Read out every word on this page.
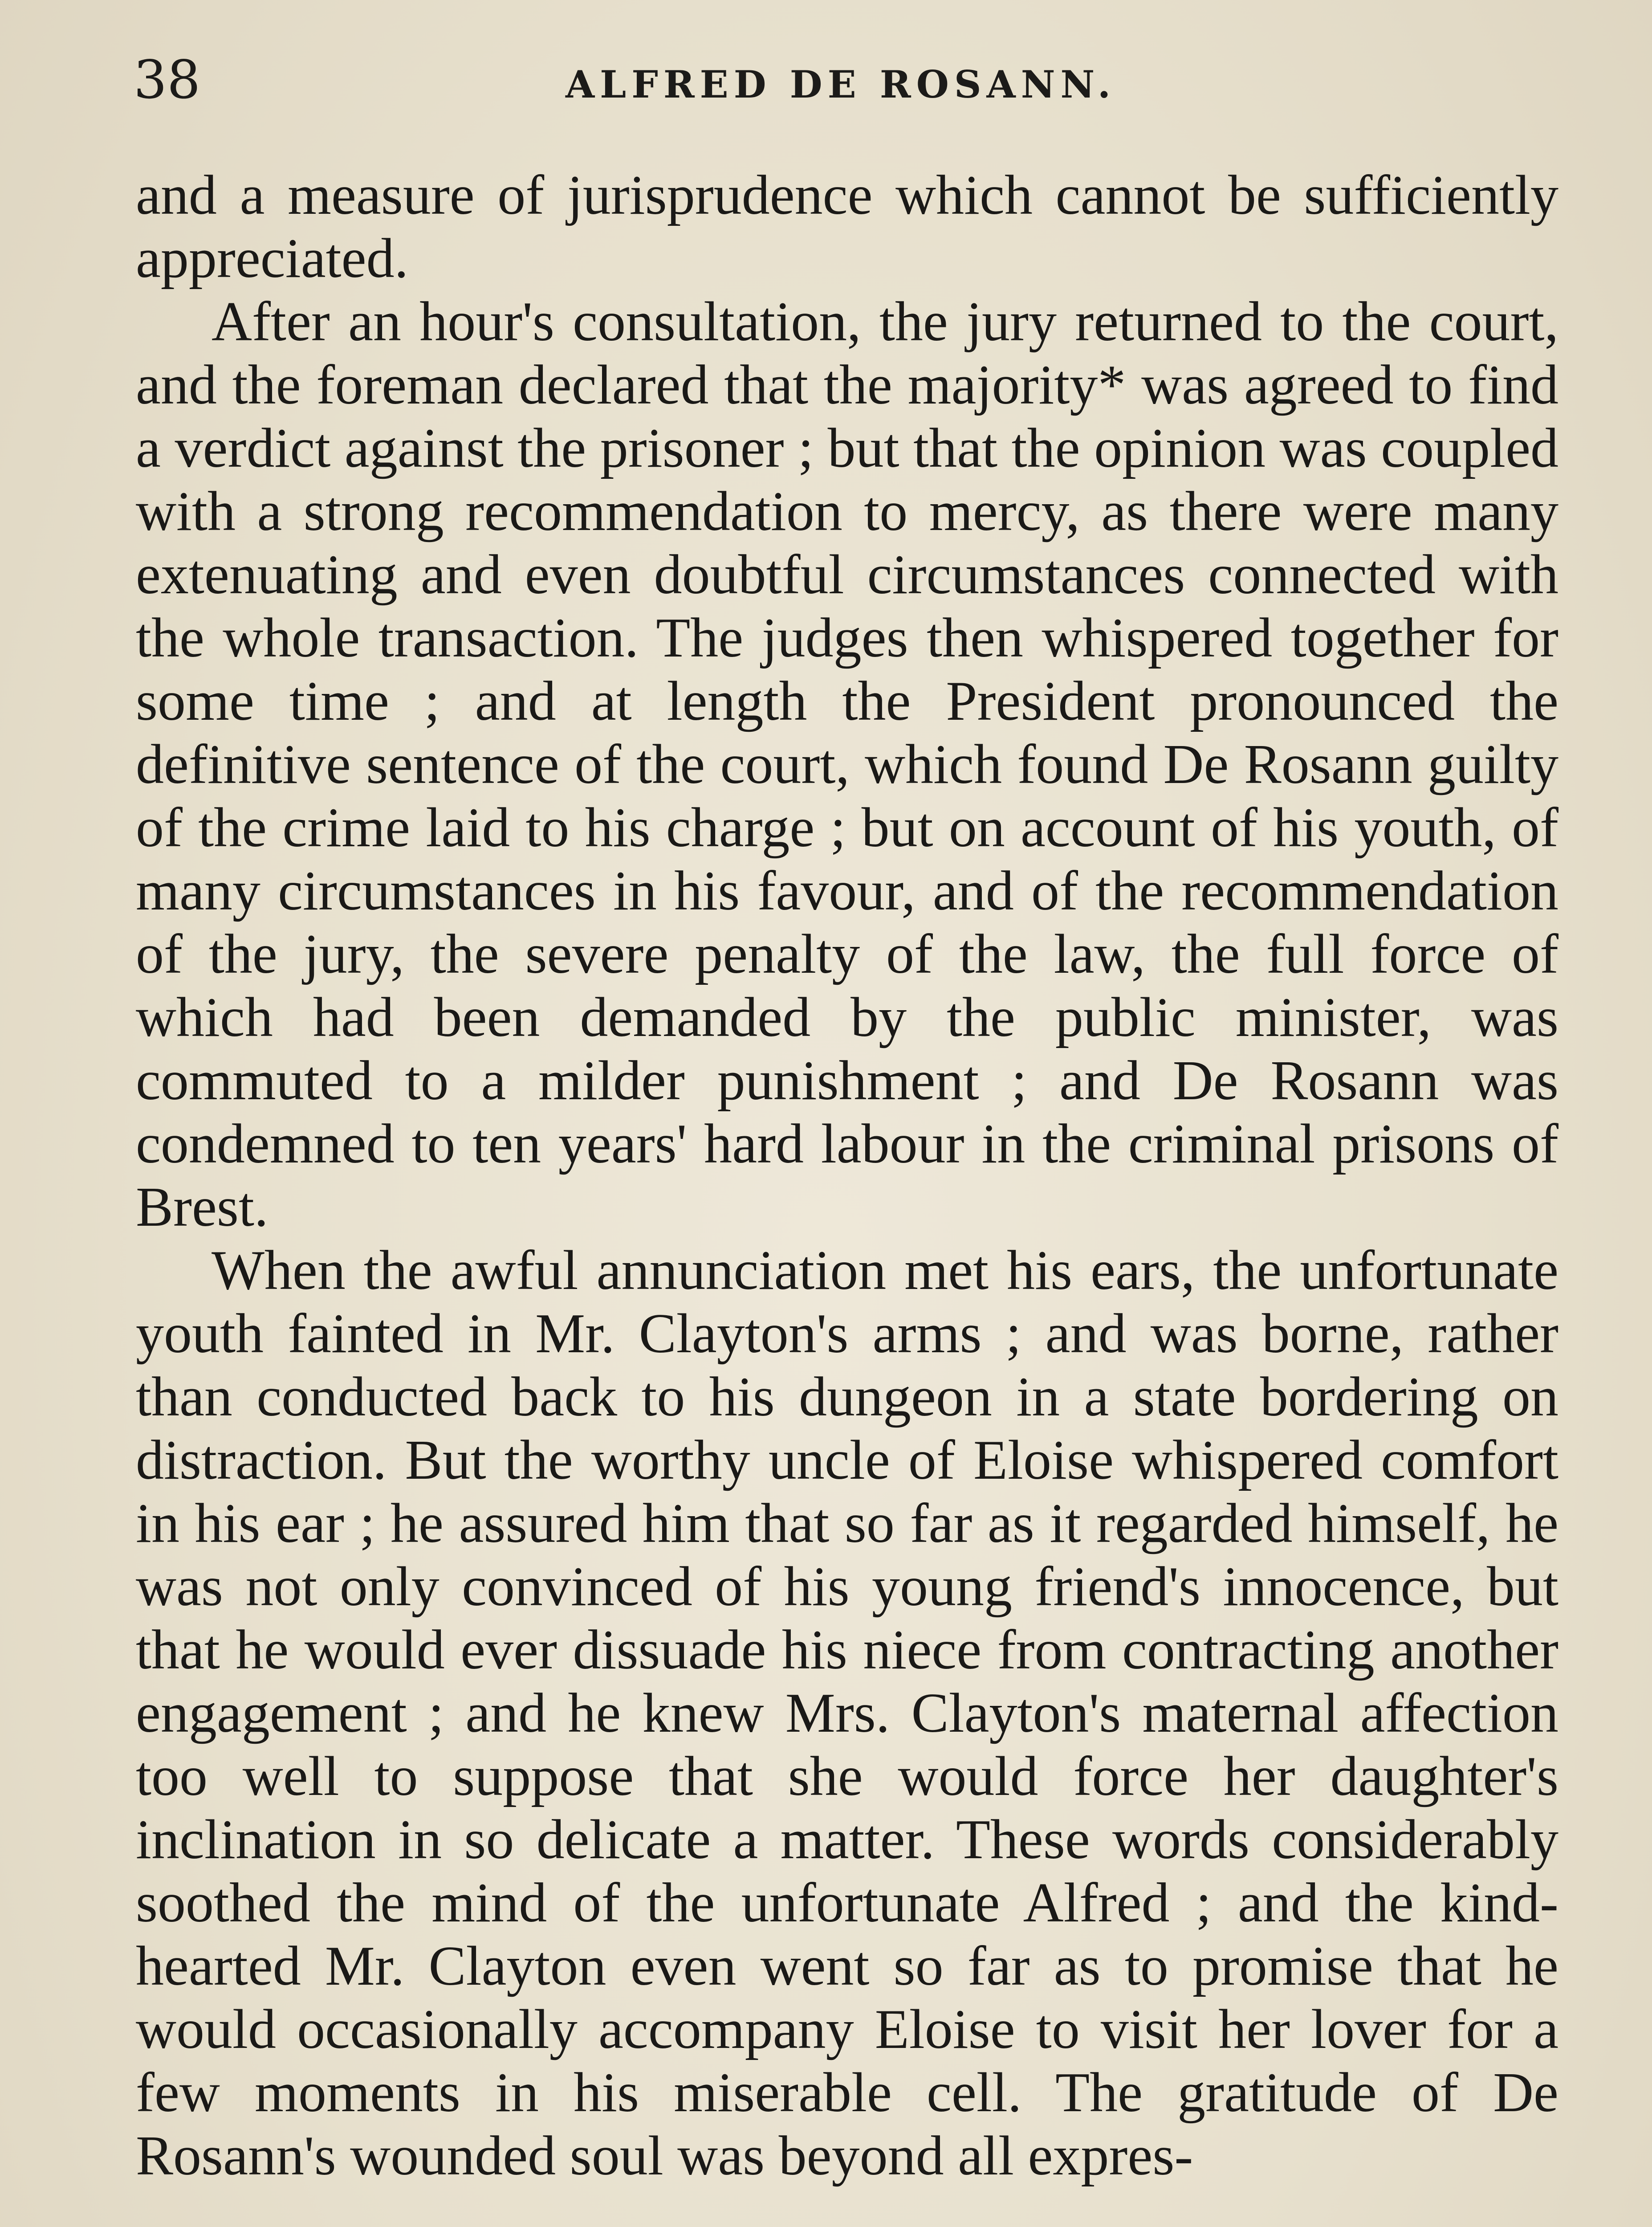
38	ALFRED DE ROSANN.

and a measure of jurisprudence which cannot be sufficiently appreciated.

After an hour's consultation, the jury returned to the court, and the foreman declared that the majority* was agreed to find a verdict against the prisoner ; but that the opinion was coupled with a strong recommendation to mercy, as there were many extenuating and even doubtful circumstances connected with the whole transaction. The judges then whispered together for some time ; and at length the President pronounced the definitive sentence of the court, which found De Rosann guilty of the crime laid to his charge ; but on account of his youth, of many circumstances in his favour, and of the recommendation of the jury, the severe penalty of the law, the full force of which had been demanded by the public minister, was commuted to a milder punishment ; and De Rosann was condemned to ten years' hard labour in the criminal prisons of Brest.

When the awful annunciation met his ears, the unfortunate youth fainted in Mr. Clayton's arms ; and was borne, rather than conducted back to his dungeon in a state bordering on distraction. But the worthy uncle of Eloise whispered comfort in his ear ; he assured him that so far as it regarded himself, he was not only convinced of his young friend's innocence, but that he would ever dissuade his niece from contracting another engagement ; and he knew Mrs. Clayton's maternal affection too well to suppose that she would force her daughter's inclination in so delicate a matter. These words considerably soothed the mind of the unfortunate Alfred ; and the kind-hearted Mr. Clayton even went so far as to promise that he would occasionally accompany Eloise to visit her lover for a few moments in his miserable cell. The gratitude of De Rosann's wounded soul was beyond all expres-
